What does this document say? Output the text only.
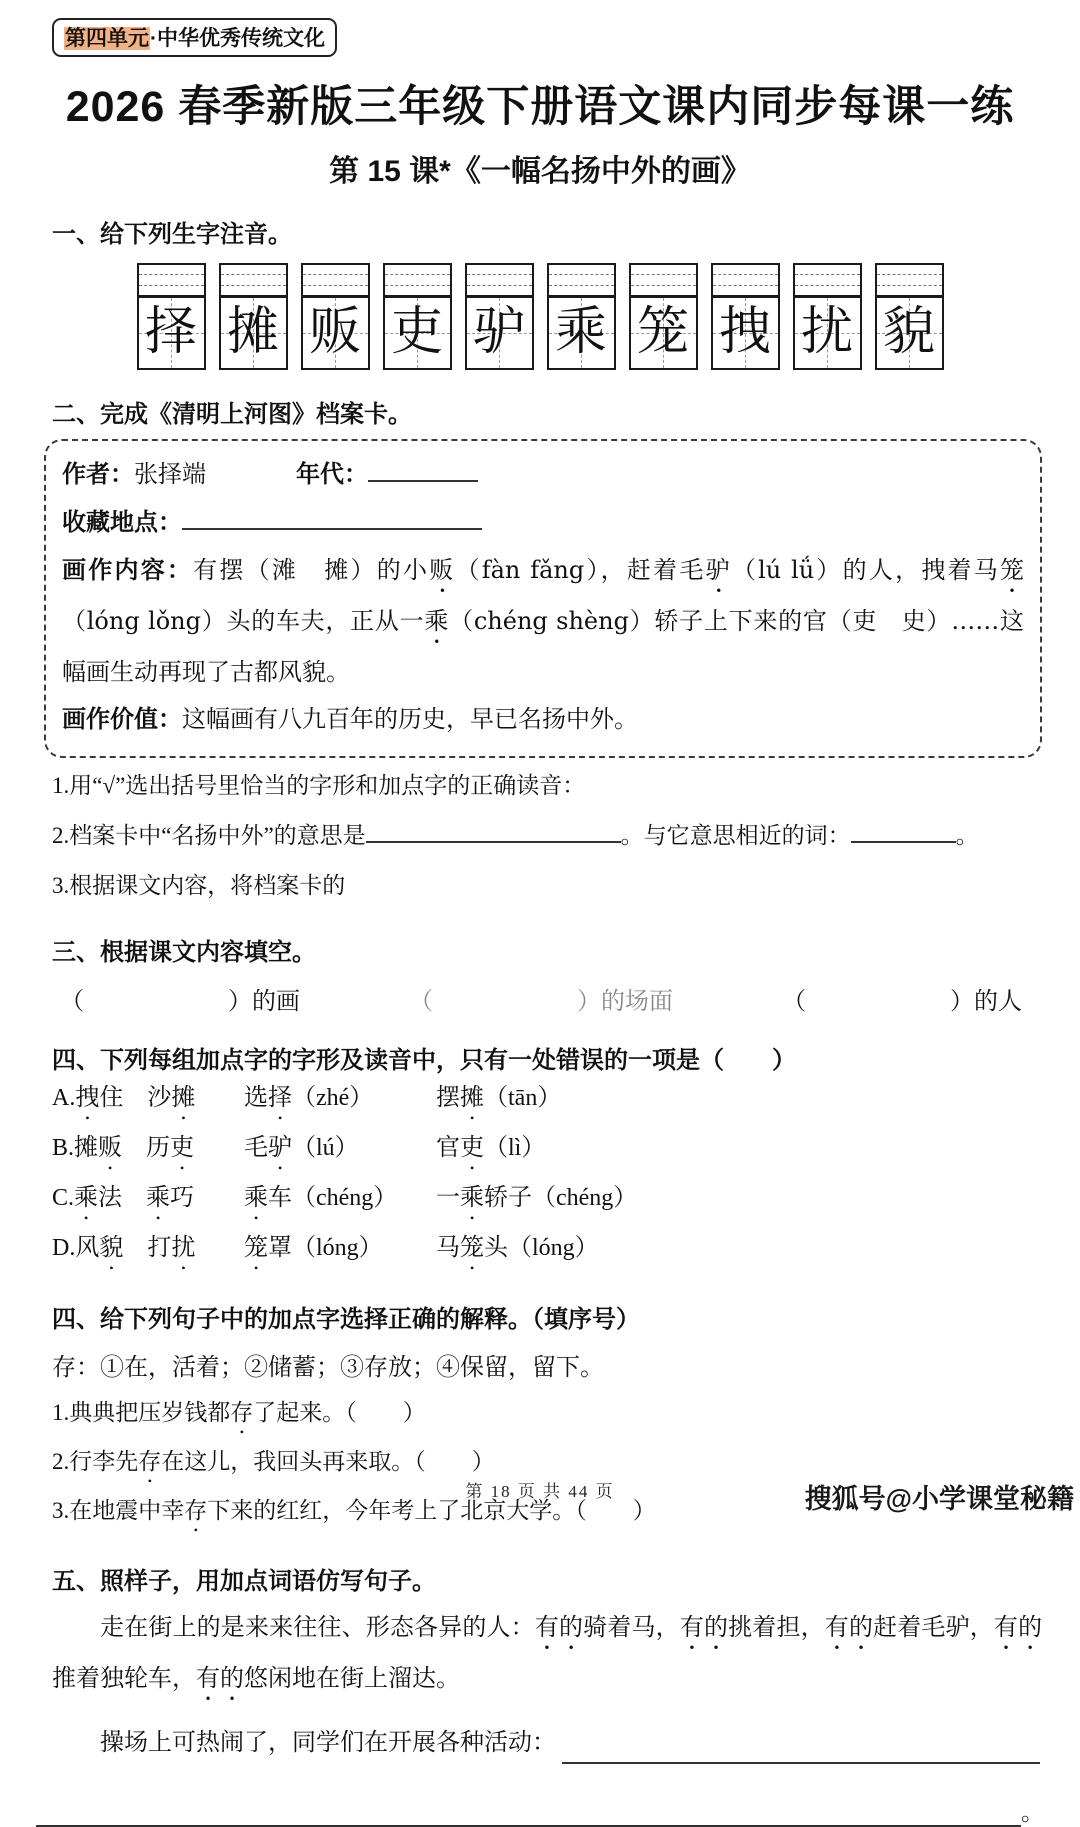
第四单元·中华优秀传统文化
2026 春季新版三年级下册语文课内同步每课一练
第 15 课*《一幅名扬中外的画》
一、给下列生字注音。
择 摊 贩 吏 驴 乘 笼 拽 扰 貌
二、完成《清明上河图》档案卡。
作者：张择端	年代：
收藏地点：
画作内容：有摆（滩　摊）的小贩（fàn fǎng），赶着毛驴（lú lǘ）的人，拽着马笼（lóng lǒng）头的车夫，正从一乘（chéng shèng）轿子上下来的官（吏　史）……这幅画生动再现了古都风貌。
画作价值：这幅画有八九百年的历史，早已名扬中外。
1.用“√”选出括号里恰当的字形和加点字的正确读音：
2.档案卡中“名扬中外”的意思是	。与它意思相近的词：	。
3.根据课文内容，将档案卡的
三、根据课文内容填空。
（　　　　　　）的画	（　　　　　　）的场面	（　　　　　　）的人
四、下列每组加点字的字形及读音中，只有一处错误的一项是（　　）
A.拽住　沙摊	选择（zhé）	摆摊（tān）
B.摊贩　历吏	毛驴（lú）	官吏（lì）
C.乘法　乘巧	乘车（chéng）	一乘轿子（chéng）
D.风貌　打扰	笼罩（lóng）	马笼头（lóng）
四、给下列句子中的加点字选择正确的解释。（填序号）
存：①在，活着；②储蓄；③存放；④保留，留下。
1.典典把压岁钱都存了起来。（　　）
2.行李先存在这儿，我回头再来取。（　　）
3.在地震中幸存下来的红红，今年考上了北京大学。（　　）
五、照样子，用加点词语仿写句子。
走在街上的是来来往往、形态各异的人：有的骑着马，有的挑着担，有的赶着毛驴，有的推着独轮车，有的悠闲地在街上溜达。
操场上可热闹了，同学们在开展各种活动：
。
第 18 页 共 44 页	搜狐号@小学课堂秘籍
